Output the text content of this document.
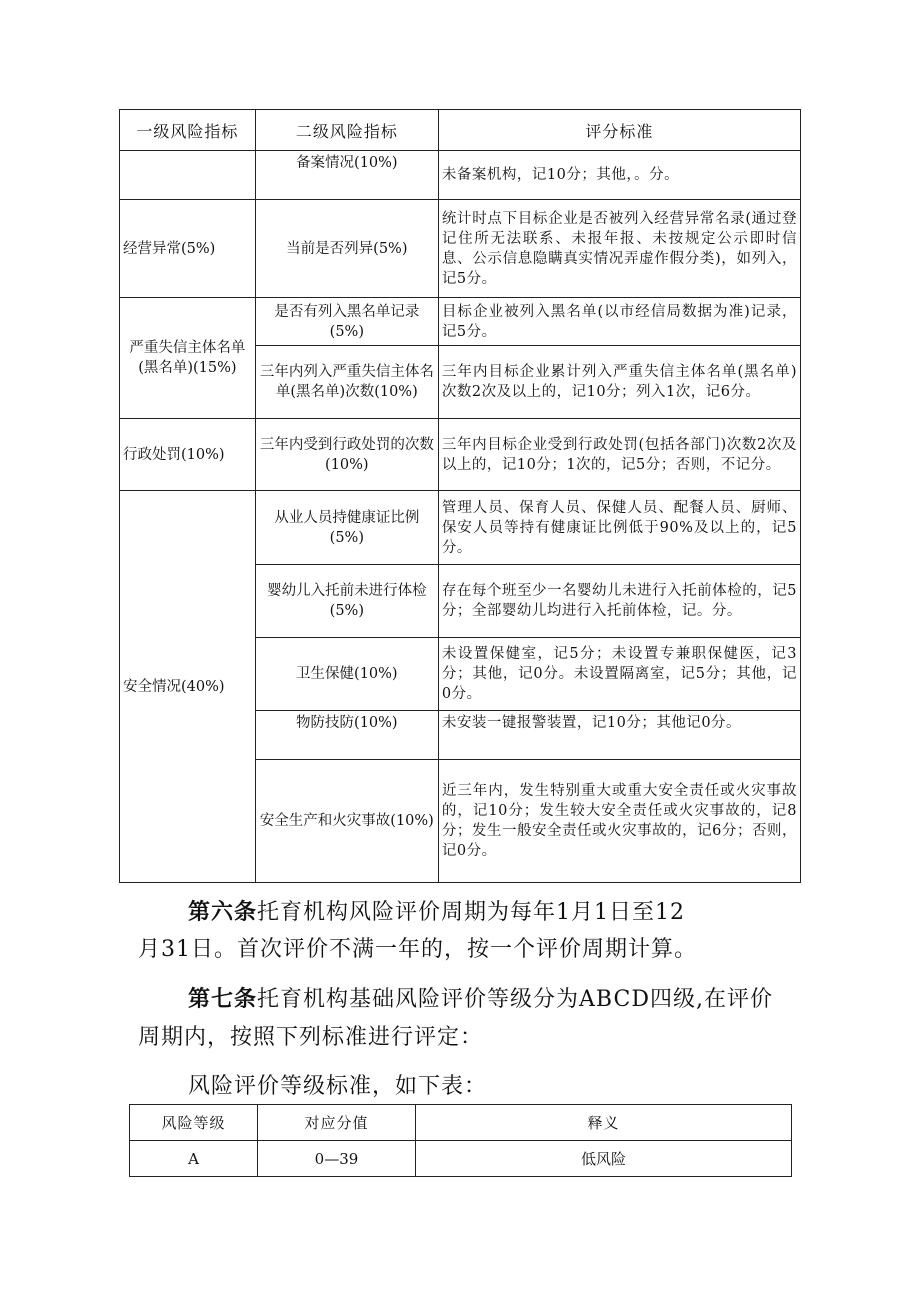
一级风险指标	二级风险指标	评分标准
	备案情况(10%)	未备案机构，记10分；其他，。分。
经营异常(5%)	当前是否列异(5%)	统计时点下目标企业是否被列入经营异常名录(通过登记住所无法联系、未报年报、未按规定公示即时信息、公示信息隐瞒真实情况弄虚作假分类)，如列入，记5分。
严重失信主体名单(黑名单)(15%)	是否有列入黑名单记录(5%)	目标企业被列入黑名单(以市经信局数据为准)记录，记5分。
	三年内列入严重失信主体名单(黑名单)次数(10%)	三年内目标企业累计列入严重失信主体名单(黑名单)次数2次及以上的，记10分；列入1次，记6分。
行政处罚(10%)	三年内受到行政处罚的次数(10%)	三年内目标企业受到行政处罚(包括各部门)次数2次及以上的，记10分；1次的，记5分；否则，不记分。
安全情况(40%)	从业人员持健康证比例(5%)	管理人员、保育人员、保健人员、配餐人员、厨师、保安人员等持有健康证比例低于90%及以上的，记5分。
	婴幼儿入托前未进行体检(5%)	存在每个班至少一名婴幼儿未进行入托前体检的，记5分；全部婴幼儿均进行入托前体检，记。分。
	卫生保健(10%)	未设置保健室，记5分；未设置专兼职保健医，记3分；其他，记0分。未设置隔离室，记5分；其他，记0分。
	物防技防(10%)	未安装一键报警装置，记10分；其他记0分。
	安全生产和火灾事故(10%)	近三年内，发生特别重大或重大安全责任或火灾事故的，记10分；发生较大安全责任或火灾事故的，记8分；发生一般安全责任或火灾事故的，记6分；否则，记0分。

第六条托育机构风险评价周期为每年1月1日至12

月31日。首次评价不满一年的，按一个评价周期计算。

第七条托育机构基础风险评价等级分为ABCD四级,在评价

周期内，按照下列标准进行评定：

风险评价等级标准，如下表：

风险等级	对应分值	释义
A	0—39	低风险
